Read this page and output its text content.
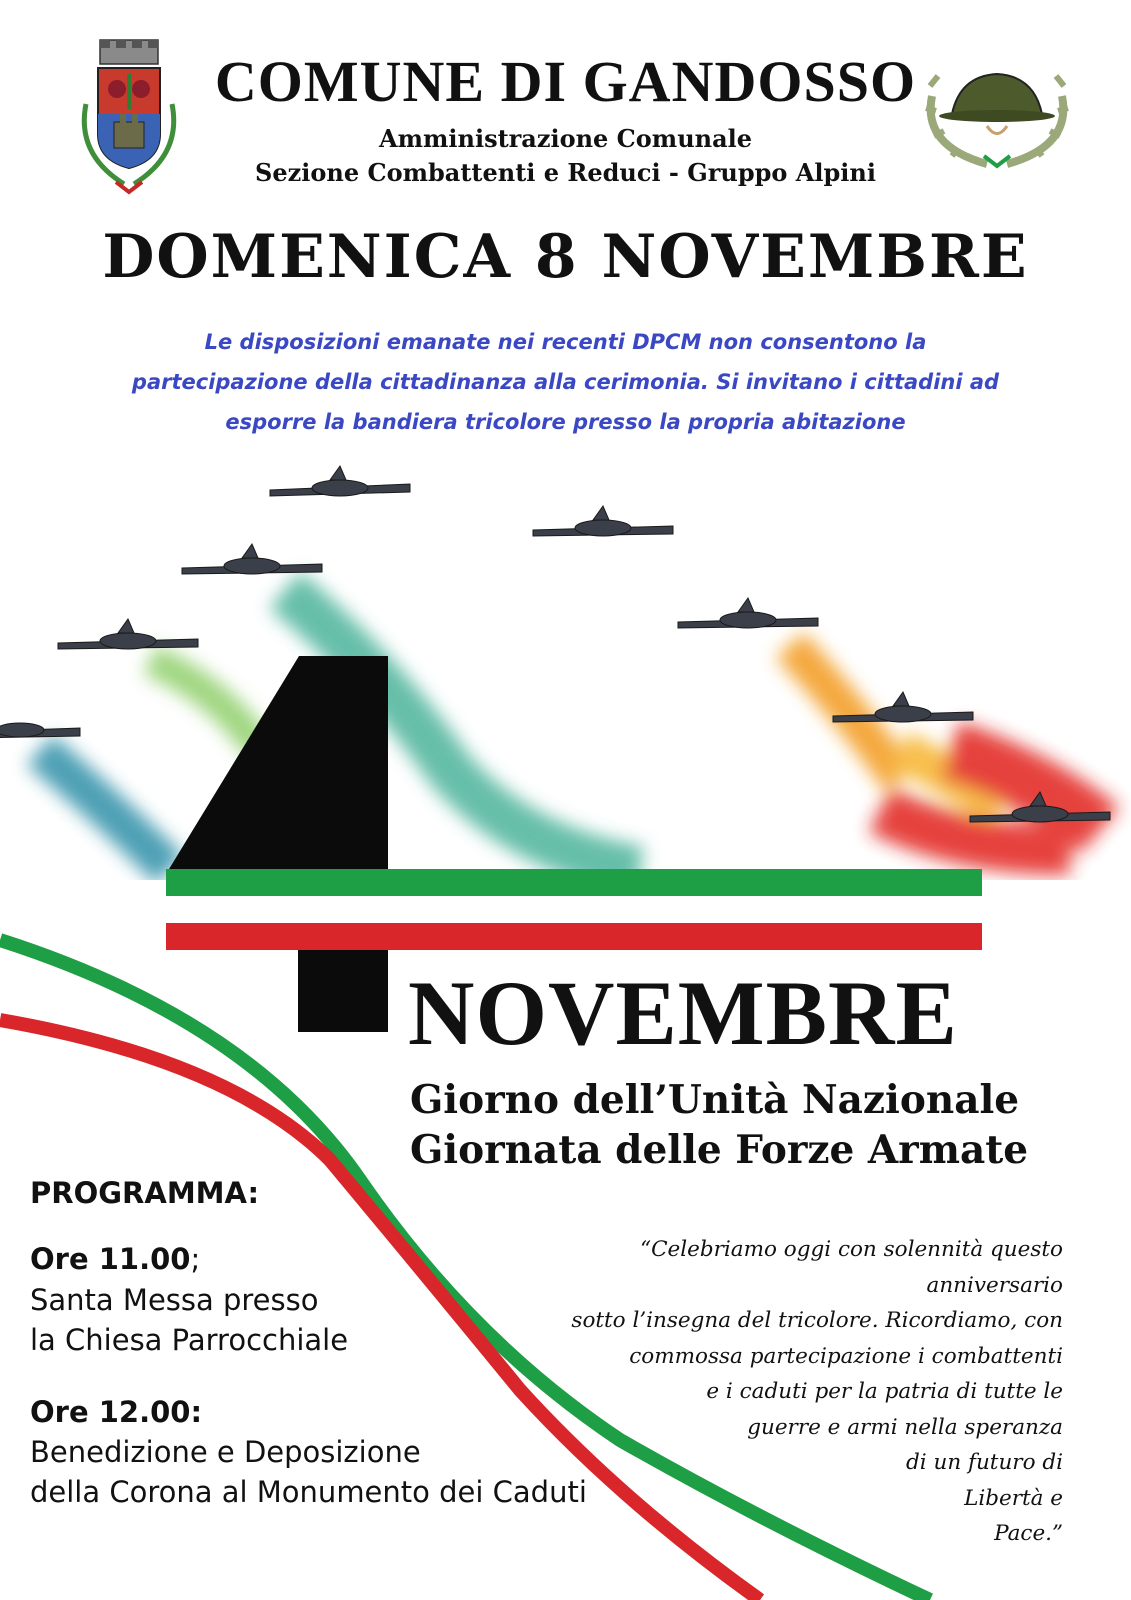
COMUNE DI GANDOSSO
Amministrazione Comunale
Sezione Combattenti e Reduci - Gruppo Alpini
DOMENICA 8 NOVEMBRE
Le disposizioni emanate nei recenti DPCM non consentono la
partecipazione della cittadinanza alla cerimonia. Si invitano i cittadini ad
esporre la bandiera tricolore presso la propria abitazione
NOVEMBRE
Giorno dell’Unità Nazionale
Giornata delle Forze Armate
PROGRAMMA:
Ore 11.00;
Santa Messa presso
la Chiesa Parrocchiale
Ore 12.00:
Benedizione e Deposizione
della Corona al Monumento dei Caduti
“Celebriamo oggi con solennità questo anniversario
sotto l’insegna del tricolore. Ricordiamo, con
commossa partecipazione i combattenti
e i caduti per la patria di tutte le
guerre e armi nella speranza
di un futuro di
Libertà e
Pace.”
